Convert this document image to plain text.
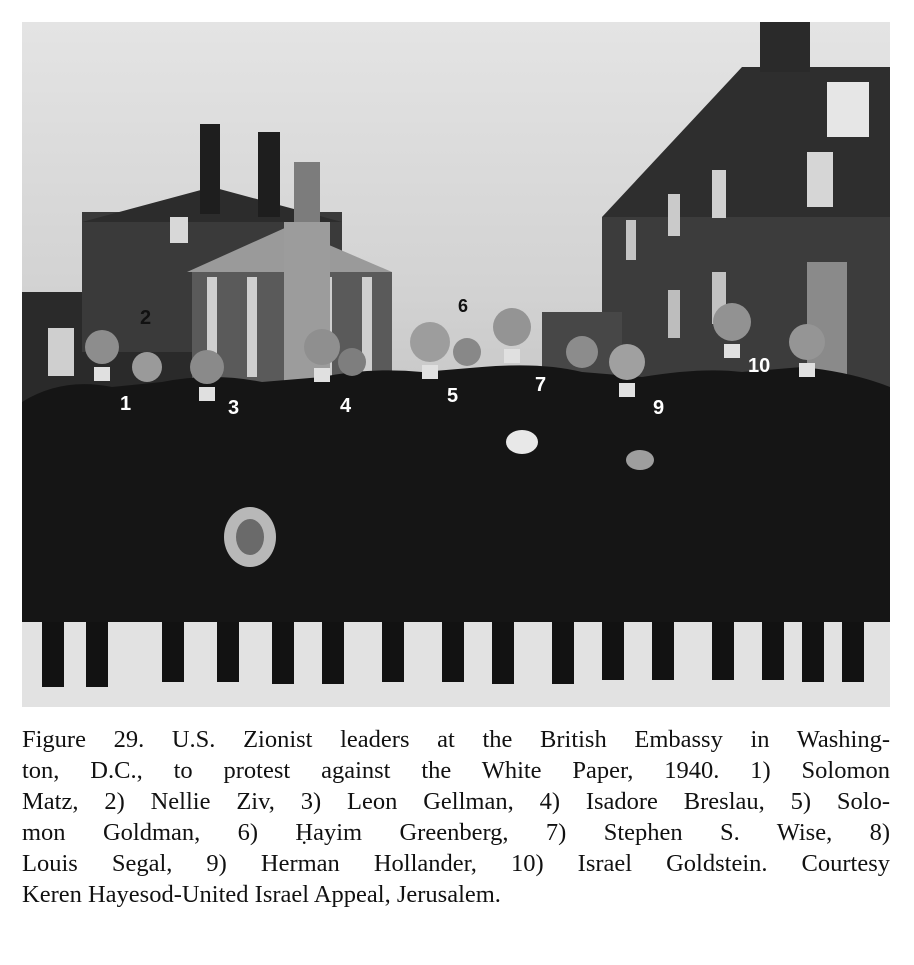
1
2
3	4	5
6
7
9
10
Figure 29. U.S. Zionist leaders at the British Embassy in Washing-
ton, D.C., to protest against the White Paper, 1940. 1) Solomon
Matz, 2) Nellie Ziv, 3) Leon Gellman, 4) Isadore Breslau, 5) Solo-
mon Goldman, 6) Ḥayim Greenberg, 7) Stephen S. Wise, 8)
Louis Segal, 9) Herman Hollander, 10) Israel Goldstein. Courtesy
Keren Hayesod-United Israel Appeal, Jerusalem.
